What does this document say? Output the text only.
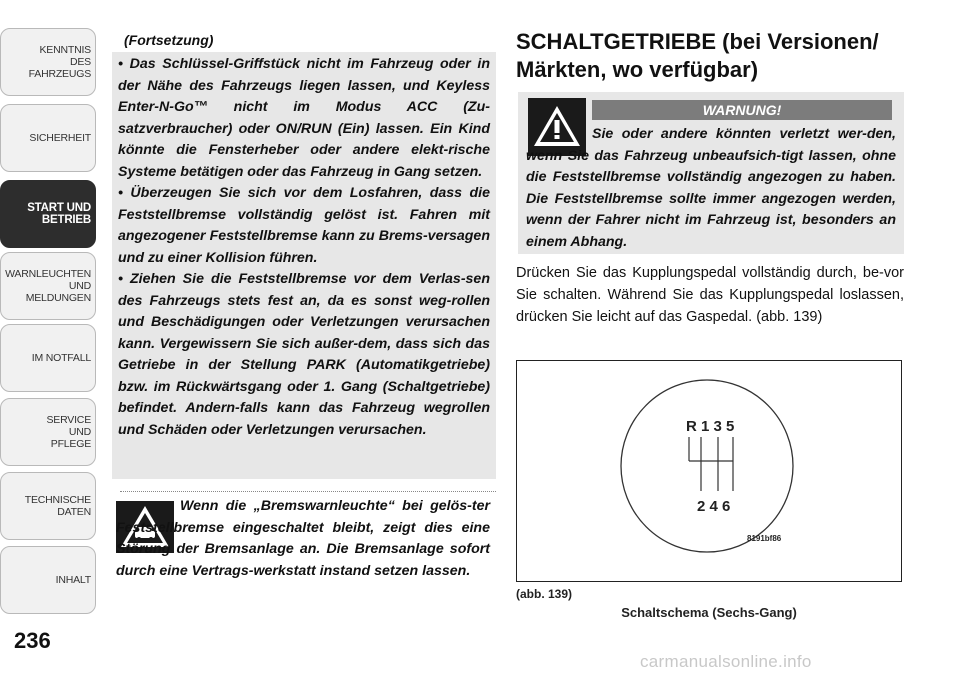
KENNTNIS
DES
FAHRZEUGS
SICHERHEIT
START UND
BETRIEB
WARNLEUCHTEN
UND
MELDUNGEN
IM NOTFALL
SERVICE
UND
PFLEGE
TECHNISCHE
DATEN
INHALT
236
(Fortsetzung)

• Das Schlüssel-Griffstück nicht im Fahrzeug oder in der Nähe des Fahrzeugs liegen lassen, und Keyless Enter-N-Go™ nicht im Modus ACC (Zu-satzverbraucher) oder ON/RUN (Ein) lassen. Ein Kind könnte die Fensterheber oder andere elekt-rische Systeme betätigen oder das Fahrzeug in Gang setzen.

• Überzeugen Sie sich vor dem Losfahren, dass die Feststellbremse vollständig gelöst ist. Fahren mit angezogener Feststellbremse kann zu Brems-versagen und zu einer Kollision führen.

• Ziehen Sie die Feststellbremse vor dem Verlas-sen des Fahrzeugs stets fest an, da es sonst weg-rollen und Beschädigungen oder Verletzungen verursachen kann. Vergewissern Sie sich außer-dem, dass sich das Getriebe in der Stellung PARK (Automatikgetriebe) bzw. im Rückwärtsgang oder 1. Gang (Schaltgetriebe) befindet. Andern-falls kann das Fahrzeug wegrollen und Schäden oder Verletzungen verursachen.

Wenn die „Bremswarnleuchte“ bei gelös-ter Feststellbremse eingeschaltet bleibt, zeigt dies eine Störung der Bremsanlage an. Die Bremsanlage sofort durch eine Vertrags-werkstatt instand setzen lassen.

SCHALTGETRIEBE (bei Versionen/ Märkten, wo verfügbar)
WARNUNG!

Sie oder andere könnten verletzt wer-den, wenn Sie das Fahrzeug unbeaufsich-tigt lassen, ohne die Feststellbremse vollständig angezogen zu haben. Die Feststellbremse sollte immer angezogen werden, wenn der Fahrer nicht im Fahrzeug ist, besonders an einem Abhang.

Drücken Sie das Kupplungspedal vollständig durch, be-vor Sie schalten. Während Sie das Kupplungspedal loslassen, drücken Sie leicht auf das Gaspedal. (abb. 139)

R 1 3 5
2 4 6
8191bf86
(abb. 139)
Schaltschema (Sechs-Gang)
carmanualsonline.info
